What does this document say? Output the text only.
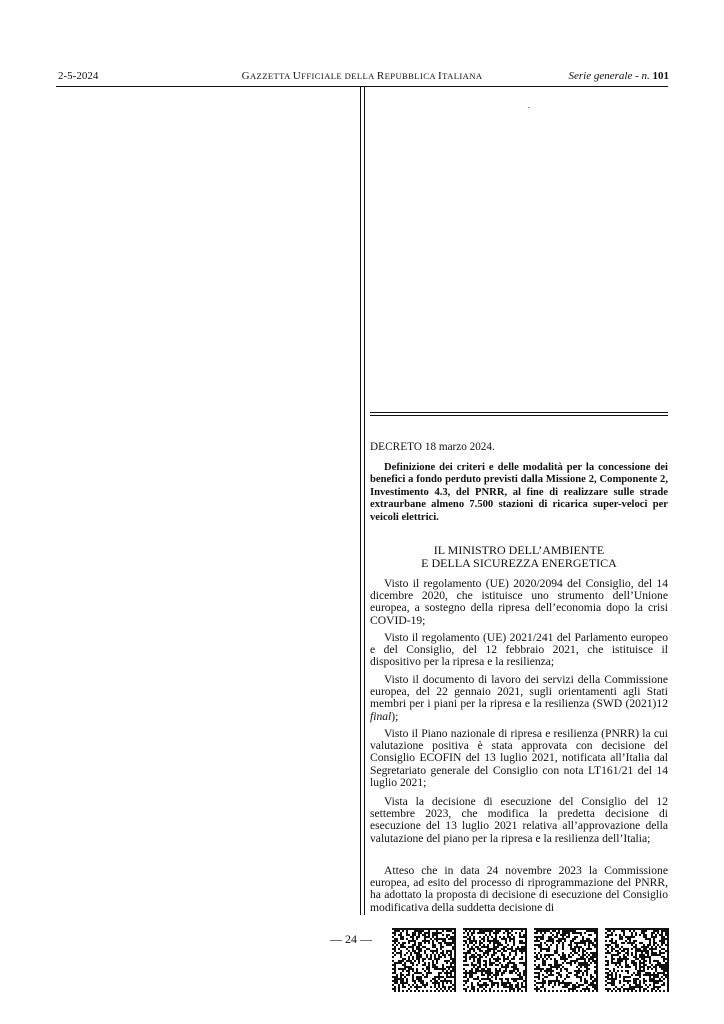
2-5-2024	GAZZETTA UFFICIALE DELLA REPUBBLICA ITALIANA	Serie generale - n. 101
DECRETO 18 marzo 2024.
Definizione dei criteri e delle modalità per la concessione dei benefici a fondo perduto previsti dalla Missione 2, Componente 2, Investimento 4.3, del PNRR, al fine di realizzare sulle strade extraurbane almeno 7.500 stazioni di ricarica super-veloci per veicoli elettrici.
IL MINISTRO DELL’AMBIENTE
E DELLA SICUREZZA ENERGETICA
Visto il regolamento (UE) 2020/2094 del Consiglio, del 14 dicembre 2020, che istituisce uno strumento dell’Unione europea, a sostegno della ripresa dell’economia dopo la crisi COVID-19;
Visto il regolamento (UE) 2021/241 del Parlamento europeo e del Consiglio, del 12 febbraio 2021, che istituisce il dispositivo per la ripresa e la resilienza;
Visto il documento di lavoro dei servizi della Commissione europea, del 22 gennaio 2021, sugli orientamenti agli Stati membri per i piani per la ripresa e la resilienza (SWD (2021)12 final);
Visto il Piano nazionale di ripresa e resilienza (PNRR) la cui valutazione positiva è stata approvata con decisione del Consiglio ECOFIN del 13 luglio 2021, notificata all’Italia dal Segretariato generale del Consiglio con nota LT161/21 del 14 luglio 2021;
Vista la decisione di esecuzione del Consiglio del 12 settembre 2023, che modifica la predetta decisione di esecuzione del 13 luglio 2021 relativa all’approvazione della valutazione del piano per la ripresa e la resilienza dell’Italia;
Atteso che in data 24 novembre 2023 la Commissione europea, ad esito del processo di riprogrammazione del PNRR, ha adottato la proposta di decisione di esecuzione del Consiglio modificativa della suddetta decisione di
— 24 —
